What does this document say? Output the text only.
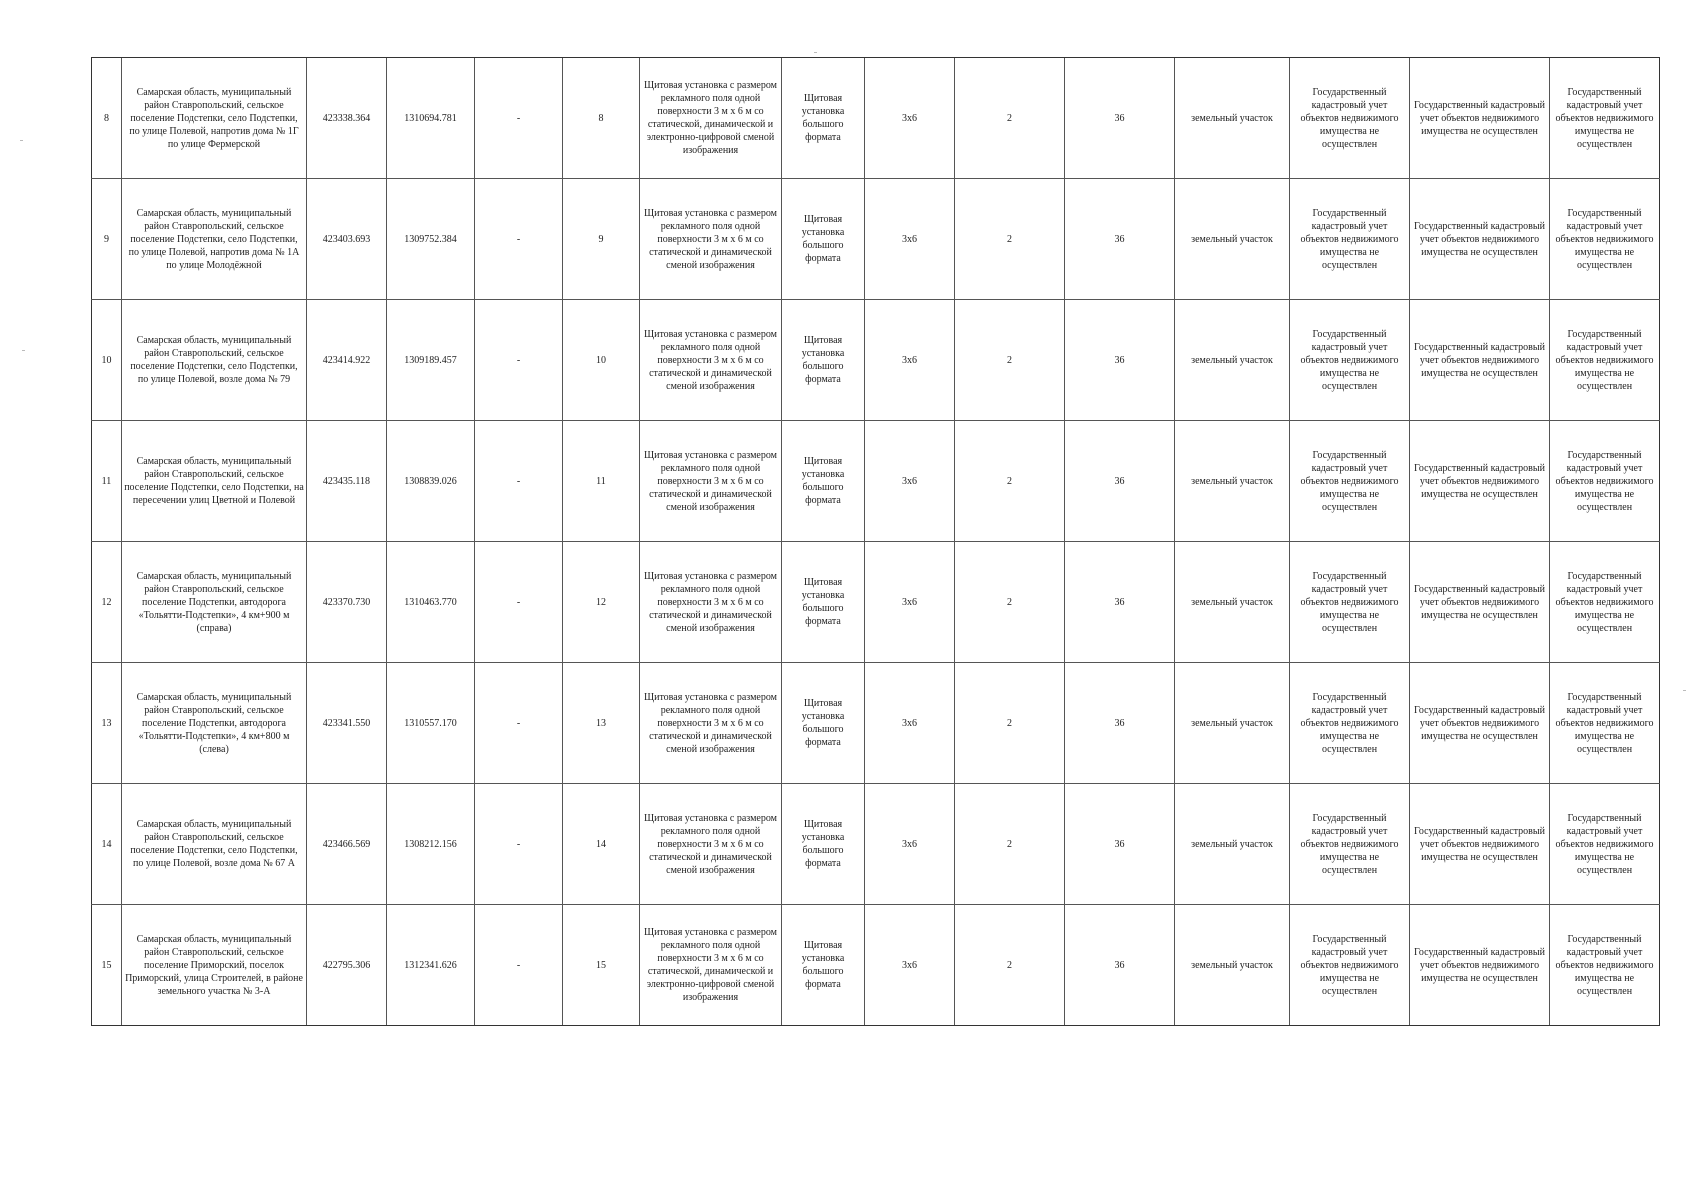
8	Самарская область, муниципальный район Ставропольский, сельское поселение Подстепки, село Подстепки, по улице Полевой, напротив дома № 1Г по улице Фермерской	423338.364	1310694.781	-	8	Щитовая установка с размером рекламного поля одной поверхности 3 м х 6 м со статической, динамической и электронно-цифровой сменой изображения	Щитовая установка большого формата	3х6	2	36	земельный участок	Государственный кадастровый учет объектов недвижимого имущества не осуществлен	Государственный кадастровый учет объектов недвижимого имущества не осуществлен	Государственный кадастровый учет объектов недвижимого имущества не осуществлен
9	Самарская область, муниципальный район Ставропольский, сельское поселение Подстепки, село Подстепки, по улице Полевой, напротив дома № 1А по улице Молодёжной	423403.693	1309752.384	-	9	Щитовая установка с размером рекламного поля одной поверхности 3 м х 6 м со статической и динамической сменой изображения	Щитовая установка большого формата	3х6	2	36	земельный участок	Государственный кадастровый учет объектов недвижимого имущества не осуществлен	Государственный кадастровый учет объектов недвижимого имущества не осуществлен	Государственный кадастровый учет объектов недвижимого имущества не осуществлен
10	Самарская область, муниципальный район Ставропольский, сельское поселение Подстепки, село Подстепки, по улице Полевой, возле дома № 79	423414.922	1309189.457	-	10	Щитовая установка с размером рекламного поля одной поверхности 3 м х 6 м со статической и динамической сменой изображения	Щитовая установка большого формата	3х6	2	36	земельный участок	Государственный кадастровый учет объектов недвижимого имущества не осуществлен	Государственный кадастровый учет объектов недвижимого имущества не осуществлен	Государственный кадастровый учет объектов недвижимого имущества не осуществлен
11	Самарская область, муниципальный район Ставропольский, сельское поселение Подстепки, село Подстепки, на пересечении улиц Цветной и Полевой	423435.118	1308839.026	-	11	Щитовая установка с размером рекламного поля одной поверхности 3 м х 6 м со статической и динамической сменой изображения	Щитовая установка большого формата	3х6	2	36	земельный участок	Государственный кадастровый учет объектов недвижимого имущества не осуществлен	Государственный кадастровый учет объектов недвижимого имущества не осуществлен	Государственный кадастровый учет объектов недвижимого имущества не осуществлен
12	Самарская область, муниципальный район Ставропольский, сельское поселение Подстепки, автодорога «Тольятти-Подстепки», 4 км+900 м (справа)	423370.730	1310463.770	-	12	Щитовая установка с размером рекламного поля одной поверхности 3 м х 6 м со статической и динамической сменой изображения	Щитовая установка большого формата	3х6	2	36	земельный участок	Государственный кадастровый учет объектов недвижимого имущества не осуществлен	Государственный кадастровый учет объектов недвижимого имущества не осуществлен	Государственный кадастровый учет объектов недвижимого имущества не осуществлен
13	Самарская область, муниципальный район Ставропольский, сельское поселение Подстепки, автодорога «Тольятти-Подстепки», 4 км+800 м (слева)	423341.550	1310557.170	-	13	Щитовая установка с размером рекламного поля одной поверхности 3 м х 6 м со статической и динамической сменой изображения	Щитовая установка большого формата	3х6	2	36	земельный участок	Государственный кадастровый учет объектов недвижимого имущества не осуществлен	Государственный кадастровый учет объектов недвижимого имущества не осуществлен	Государственный кадастровый учет объектов недвижимого имущества не осуществлен
14	Самарская область, муниципальный район Ставропольский, сельское поселение Подстепки, село Подстепки, по улице Полевой, возле дома № 67 А	423466.569	1308212.156	-	14	Щитовая установка с размером рекламного поля одной поверхности 3 м х 6 м со статической и динамической сменой изображения	Щитовая установка большого формата	3х6	2	36	земельный участок	Государственный кадастровый учет объектов недвижимого имущества не осуществлен	Государственный кадастровый учет объектов недвижимого имущества не осуществлен	Государственный кадастровый учет объектов недвижимого имущества не осуществлен
15	Самарская область, муниципальный район Ставропольский, сельское поселение Приморский, поселок Приморский, улица Строителей, в районе земельного участка № 3-А	422795.306	1312341.626	-	15	Щитовая установка с размером рекламного поля одной поверхности 3 м х 6 м со статической, динамической и электронно-цифровой сменой изображения	Щитовая установка большого формата	3х6	2	36	земельный участок	Государственный кадастровый учет объектов недвижимого имущества не осуществлен	Государственный кадастровый учет объектов недвижимого имущества не осуществлен	Государственный кадастровый учет объектов недвижимого имущества не осуществлен
